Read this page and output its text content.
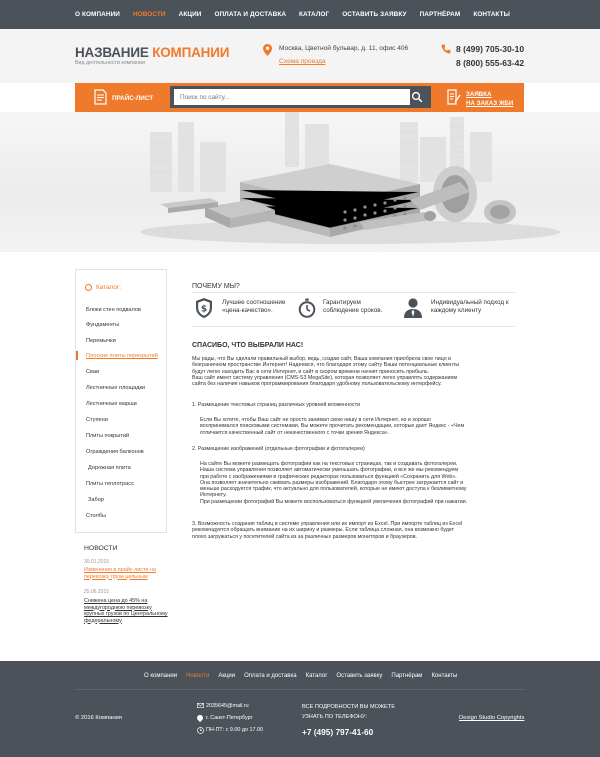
О КОМПАНИИ НОВОСТИ АКЦИИ ОПЛАТА И ДОСТАВКА КАТАЛОГ ОСТАВИТЬ ЗАЯВКУ ПАРТНЁРАМ КОНТАКТЫ
НАЗВАНИЕ КОМПАНИИ
Вид деятельности компании
Москва, Цветной бульвар, д. 11, офис 406
Схема проезда
8 (499) 705-30-10
8 (800) 555-63-42
ПРАЙС-ЛИСТ
Поиск по сайту...
ЗАЯВКА
НА ЗАКАЗ ЖБИ
Каталог:
Блоки стен подвалов
Фундаменты
Перемычки
Плоские плиты перекрытий
Сваи
Лестничные площадки
Лестничные марши
Ступени
Плиты покрытий
Ограждения балконов
Дорожная плита
Плиты теплотрасс
Забор
Столбы
НОВОСТИ
30.01.2015
Изменения в прайс-листе на перевозку груза цельным
25.06.2015
Снижена цена до 45% на междугороднюю перевозку крупных грузов по Центральному федеральному
ПОЧЕМУ МЫ?
$
Лучшее соотношение
«цена-качество».
Гарантируем
соблюдение сроков.
Индивидуальный подход к
каждому клиенту
СПАСИБО, ЧТО ВЫБРАЛИ НАС!
Мы рады, что Вы сделали правильный выбор, ведь, создав сайт, Ваша компания приобрела свое лицо в
безграничном пространстве Интернет! Надеемся, что благодаря этому сайту Ваши потенциальные клиенты
будут легко находить Вас в сети Интернет, и сайт в скором времени начнет приносить прибыль.
Ваш сайт имеет систему управления (CMS-S3 MegaSite), которая позволяет легко управлять содержанием
сайта без наличия навыков программирования благодаря удобному пользовательскому интерфейсу.
1. Размещение текстовых страниц различных уровней вложенности
Если Вы хотите, чтобы Ваш сайт не просто занимал свою нишу в сети Интернет, но и хорошо
воспринимался поисковыми системами, Вы можете прочитать рекомендации, которые дает Яндекс - «Чем
отличается качественный сайт от некачественного с точки зрения Яндекса» .
2. Размещение изображений (отдельные фотографии и фотогалереи)
На сайте Вы можете размещать фотографии как на текстовых страницах, так и создавать фотогалереи.
Наша система управления позволяет автоматически уменьшать фотографии, и все же мы рекомендуем
при работе с изображениями в графических редакторах пользоваться функцией «Сохранить для Web».
Она позволяет значительно сжимать размеры изображений. Благодаря этому быстрее загружается сайт и
меньше расходуется трафик, что актуально для пользователей, которые не имеют доступа к безлимитному
Интернету.
При размещении фотографий Вы можете воспользоваться функцией увеличения фотографий при нажатии.
3. Возможность создания таблиц в системе управления или их импорт из Excel. При импорте таблиц из Excel
рекомендуется обращать внимание на их ширину и размеры. Если таблица сложная, она возможно будет
плохо загружаться у посетителей сайта из за различных размеров мониторов и браузеров.
О компании Новости Акции Оплата и доставка Каталог Оставить заявку Партнёрам Контакты
© 2016 Компания
2035645@mail.ru
г. Санкт-Петербург
ПН-ПТ: с 9.00 до 17.00
ВСЕ ПОДРОБНОСТИ ВЫ МОЖЕТЕ
УЗНАТЬ ПО ТЕЛЕФОНУ:
+7 (495) 797-41-60
Design Studio Copyrights
